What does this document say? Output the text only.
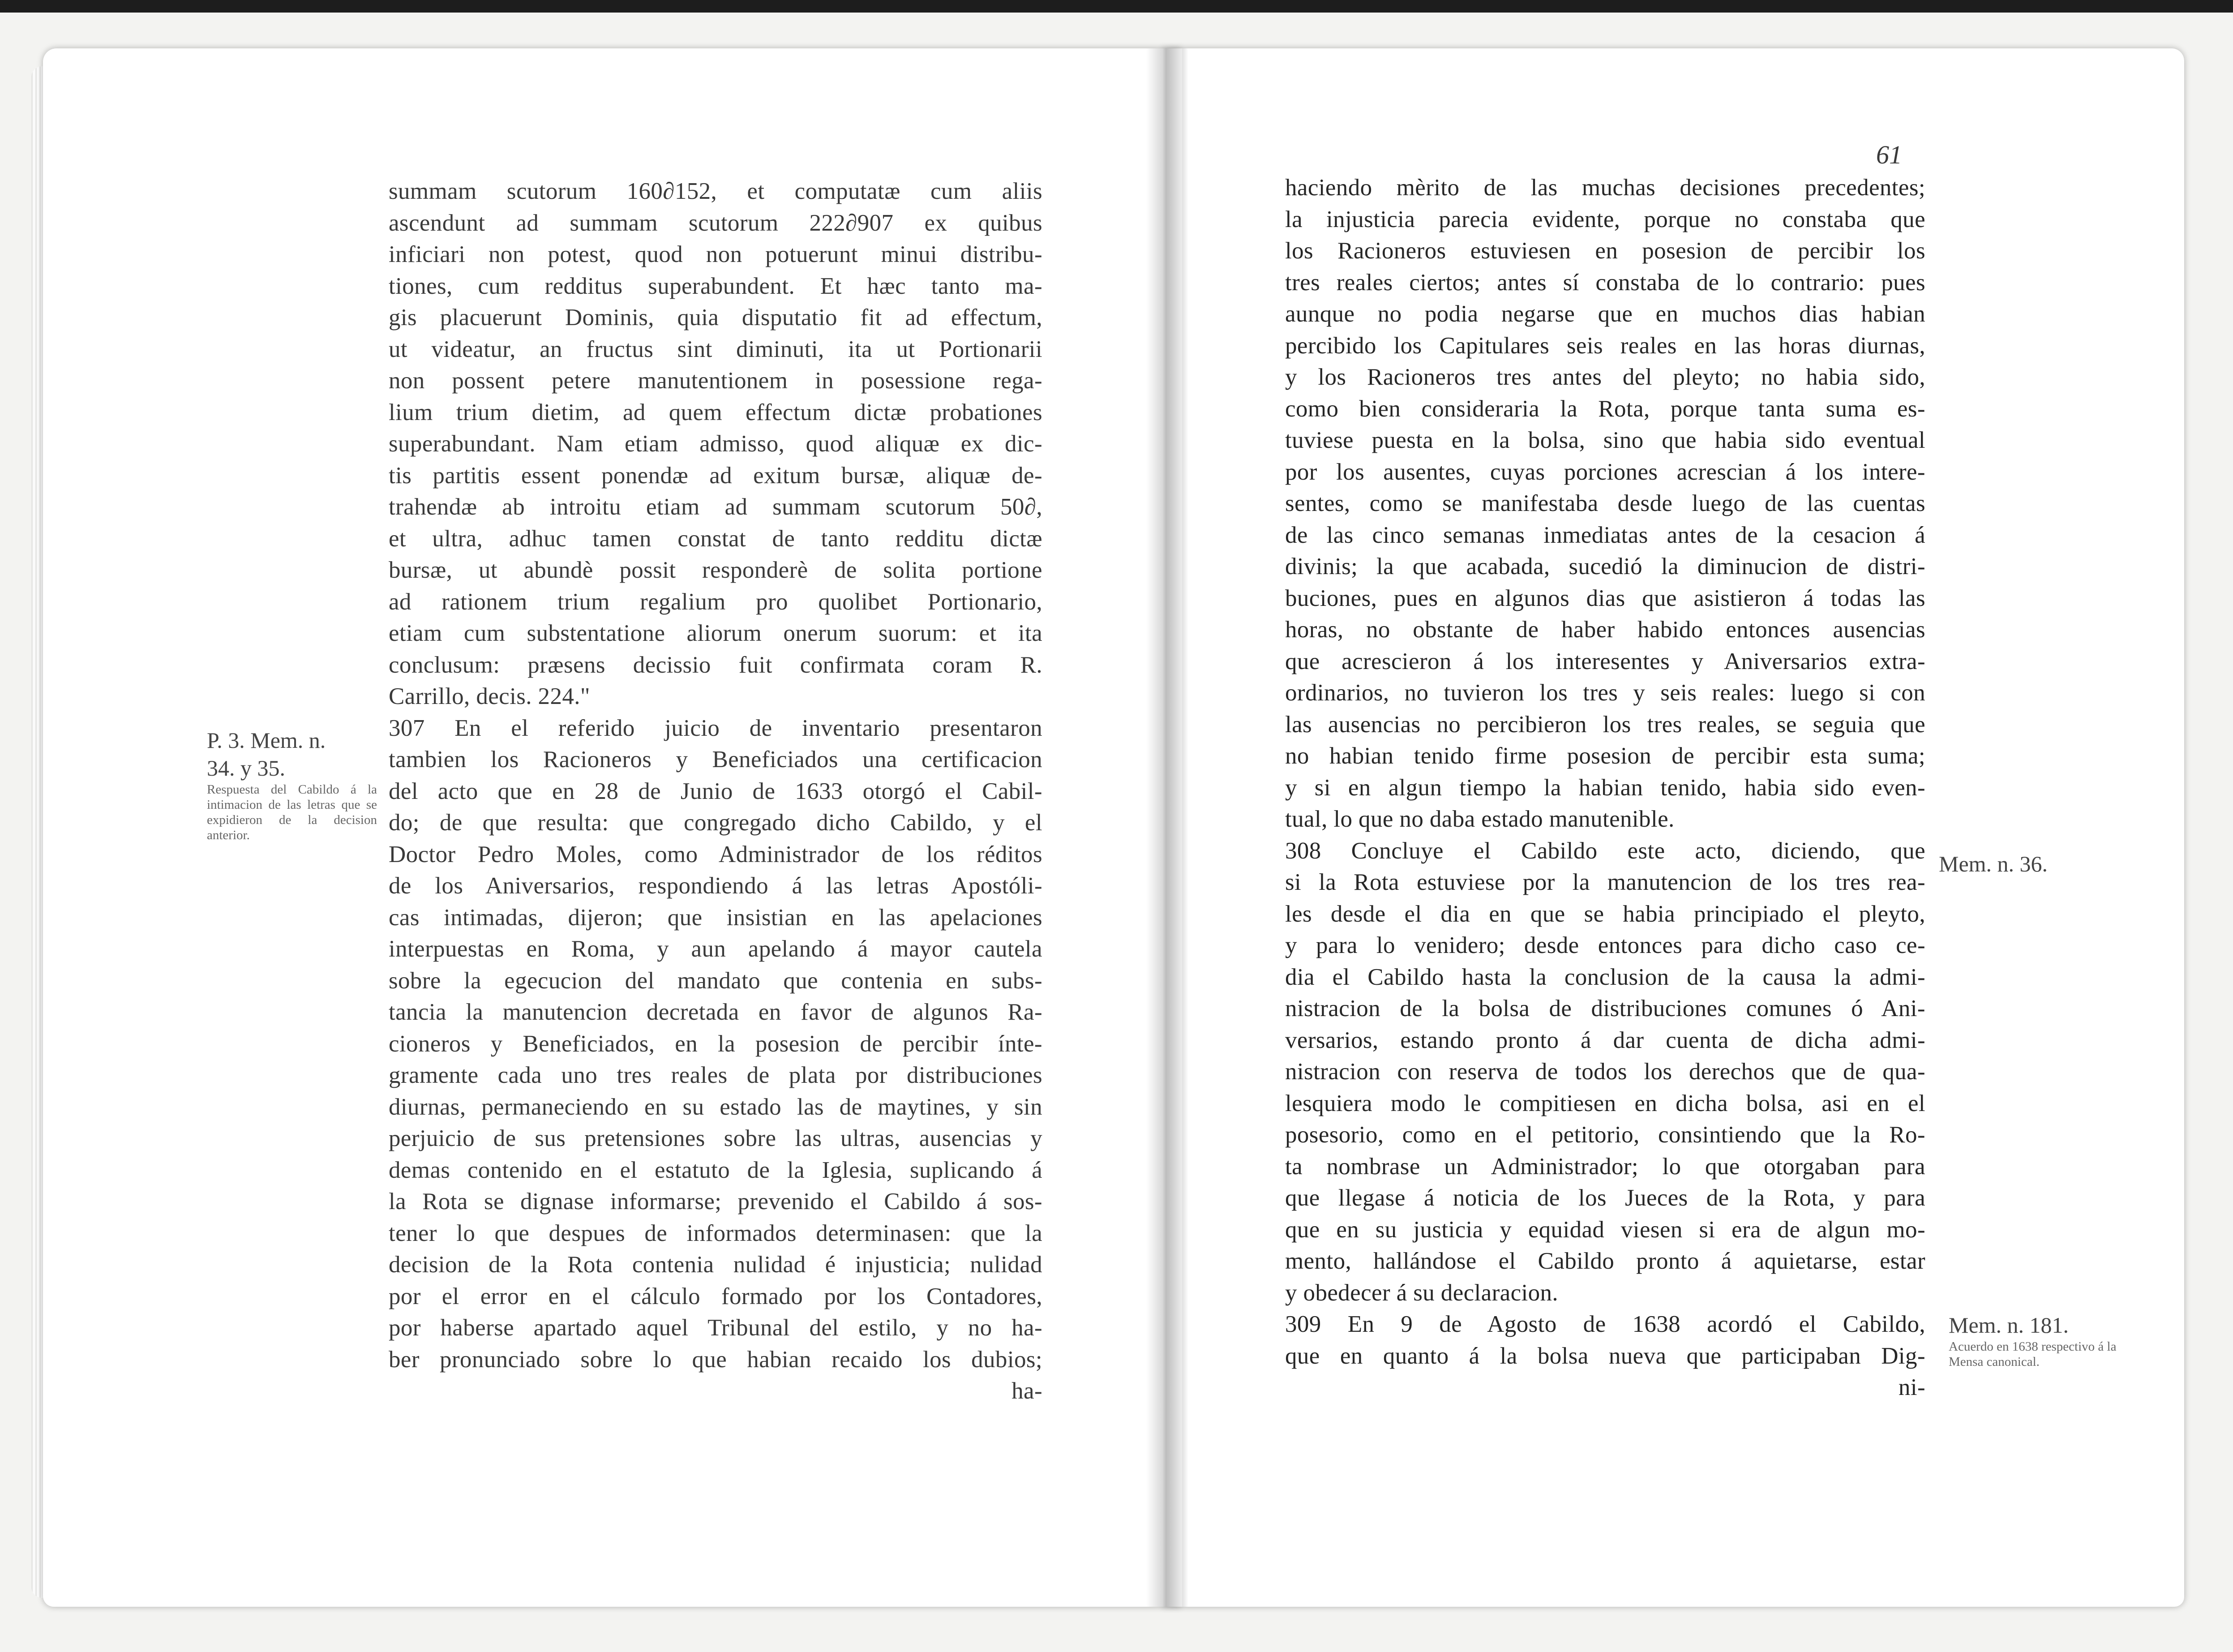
61
summam scutorum 160∂152, et computatæ cum aliis
ascendunt ad summam scutorum 222∂907 ex quibus
inficiari non potest, quod non potuerunt minui distribu-
tiones, cum redditus superabundent. Et hæc tanto ma-
gis placuerunt Dominis, quia disputatio fit ad effectum,
ut videatur, an fructus sint diminuti, ita ut Portionarii
non possent petere manutentionem in posessione rega-
lium trium dietim, ad quem effectum dictæ probationes
superabundant. Nam etiam admisso, quod aliquæ ex dic-
tis partitis essent ponendæ ad exitum bursæ, aliquæ de-
trahendæ ab introitu etiam ad summam scutorum 50∂,
et ultra, adhuc tamen constat de tanto redditu dictæ
bursæ, ut abundè possit responderè de solita portione
ad rationem trium regalium pro quolibet Portionario,
etiam cum substentatione aliorum onerum suorum: et ita
conclusum: præsens decissio fuit confirmata coram R.
Carrillo, decis. 224."
307 En el referido juicio de inventario presentaron
tambien los Racioneros y Beneficiados una certificacion
del acto que en 28 de Junio de 1633 otorgó el Cabil-
do; de que resulta: que congregado dicho Cabildo, y el
Doctor Pedro Moles, como Administrador de los réditos
de los Aniversarios, respondiendo á las letras Apostóli-
cas intimadas, dijeron; que insistian en las apelaciones
interpuestas en Roma, y aun apelando á mayor cautela
sobre la egecucion del mandato que contenia en subs-
tancia la manutencion decretada en favor de algunos Ra-
cioneros y Beneficiados, en la posesion de percibir ínte-
gramente cada uno tres reales de plata por distribuciones
diurnas, permaneciendo en su estado las de maytines, y sin
perjuicio de sus pretensiones sobre las ultras, ausencias y
demas contenido en el estatuto de la Iglesia, suplicando á
la Rota se dignase informarse; prevenido el Cabildo á sos-
tener lo que despues de informados determinasen: que la
decision de la Rota contenia nulidad é injusticia; nulidad
por el error en el cálculo formado por los Contadores,
por haberse apartado aquel Tribunal del estilo, y no ha-
ber pronunciado sobre lo que habian recaido los dubios;
ha-
haciendo mèrito de las muchas decisiones precedentes;
la injusticia parecia evidente, porque no constaba que
los Racioneros estuviesen en posesion de percibir los
tres reales ciertos; antes sí constaba de lo contrario: pues
aunque no podia negarse que en muchos dias habian
percibido los Capitulares seis reales en las horas diurnas,
y los Racioneros tres antes del pleyto; no habia sido,
como bien consideraria la Rota, porque tanta suma es-
tuviese puesta en la bolsa, sino que habia sido eventual
por los ausentes, cuyas porciones acrescian á los intere-
sentes, como se manifestaba desde luego de las cuentas
de las cinco semanas inmediatas antes de la cesacion á
divinis; la que acabada, sucedió la diminucion de distri-
buciones, pues en algunos dias que asistieron á todas las
horas, no obstante de haber habido entonces ausencias
que acrescieron á los interesentes y Aniversarios extra-
ordinarios, no tuvieron los tres y seis reales: luego si con
las ausencias no percibieron los tres reales, se seguia que
no habian tenido firme posesion de percibir esta suma;
y si en algun tiempo la habian tenido, habia sido even-
tual, lo que no daba estado manutenible.
308 Concluye el Cabildo este acto, diciendo, que
si la Rota estuviese por la manutencion de los tres rea-
les desde el dia en que se habia principiado el pleyto,
y para lo venidero; desde entonces para dicho caso ce-
dia el Cabildo hasta la conclusion de la causa la admi-
nistracion de la bolsa de distribuciones comunes ó Ani-
versarios, estando pronto á dar cuenta de dicha admi-
nistracion con reserva de todos los derechos que de qua-
lesquiera modo le compitiesen en dicha bolsa, asi en el
posesorio, como en el petitorio, consintiendo que la Ro-
ta nombrase un Administrador; lo que otorgaban para
que llegase á noticia de los Jueces de la Rota, y para
que en su justicia y equidad viesen si era de algun mo-
mento, hallándose el Cabildo pronto á aquietarse, estar
y obedecer á su declaracion.
309 En 9 de Agosto de 1638 acordó el Cabildo,
que en quanto á la bolsa nueva que participaban Dig-
ni-
P. 3. Mem. n.
34. y 35.
Respuesta del Cabildo á la intimacion de las letras que se expidieron de la decision anterior.
Mem. n. 36.
Mem. n. 181.
Acuerdo en 1638 respectivo á la Mensa canonical.
